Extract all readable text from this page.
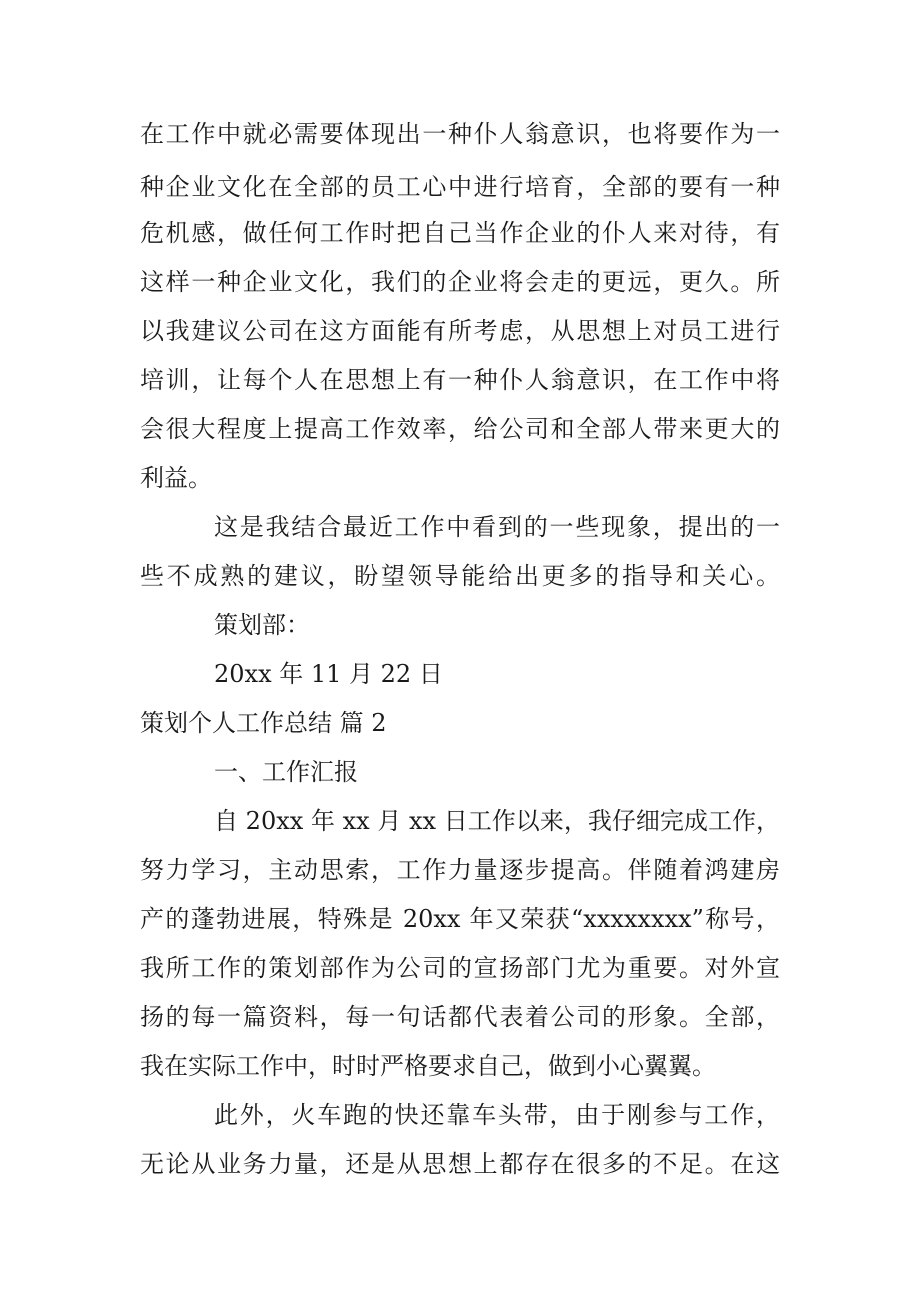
在工作中就必需要体现出一种仆人翁意识，也将要作为一
种企业文化在全部的员工心中进行培育，全部的要有一种
危机感，做任何工作时把自己当作企业的仆人来对待，有
这样一种企业文化，我们的企业将会走的更远，更久。所
以我建议公司在这方面能有所考虑，从思想上对员工进行
培训，让每个人在思想上有一种仆人翁意识，在工作中将
会很大程度上提高工作效率，给公司和全部人带来更大的
利益。
这是我结合最近工作中看到的一些现象，提出的一
些不成熟的建议，盼望领导能给出更多的指导和关心。
策划部：
20xx 年 11 月 22 日
策划个人工作总结 篇 2
一、工作汇报
自 20xx 年 xx 月 xx 日工作以来，我仔细完成工作，
努力学习，主动思索，工作力量逐步提高。伴随着鸿建房
产的蓬勃进展，特殊是 20xx 年又荣获“xxxxxxxx”称号，
我所工作的策划部作为公司的宣扬部门尤为重要。对外宣
扬的每一篇资料，每一句话都代表着公司的形象。全部，
我在实际工作中，时时严格要求自己，做到小心翼翼。
此外，火车跑的快还靠车头带，由于刚参与工作，
无论从业务力量，还是从思想上都存在很多的不足。在这
